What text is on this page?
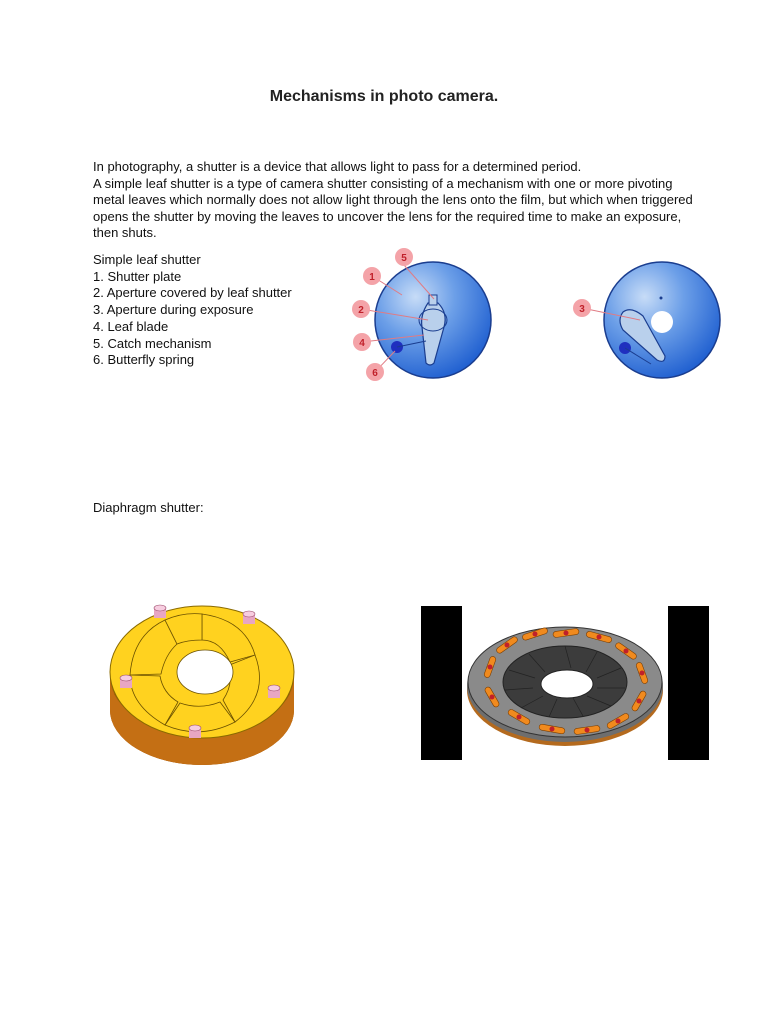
Mechanisms in photo camera.

In photography, a shutter is a device that allows light to pass for a determined period.

A simple leaf shutter is a type of camera shutter consisting of a mechanism with one or more pivoting metal leaves which normally does not allow light through the lens onto the film, but which when triggered opens the shutter by moving the leaves to uncover the lens for the required time to make an exposure, then shuts.

Simple leaf shutter
1. Shutter plate
2. Aperture covered by leaf shutter
3. Aperture during exposure
4. Leaf blade
5. Catch mechanism
6. Butterfly spring
1
5
2
4
6
3
Diaphragm shutter:
